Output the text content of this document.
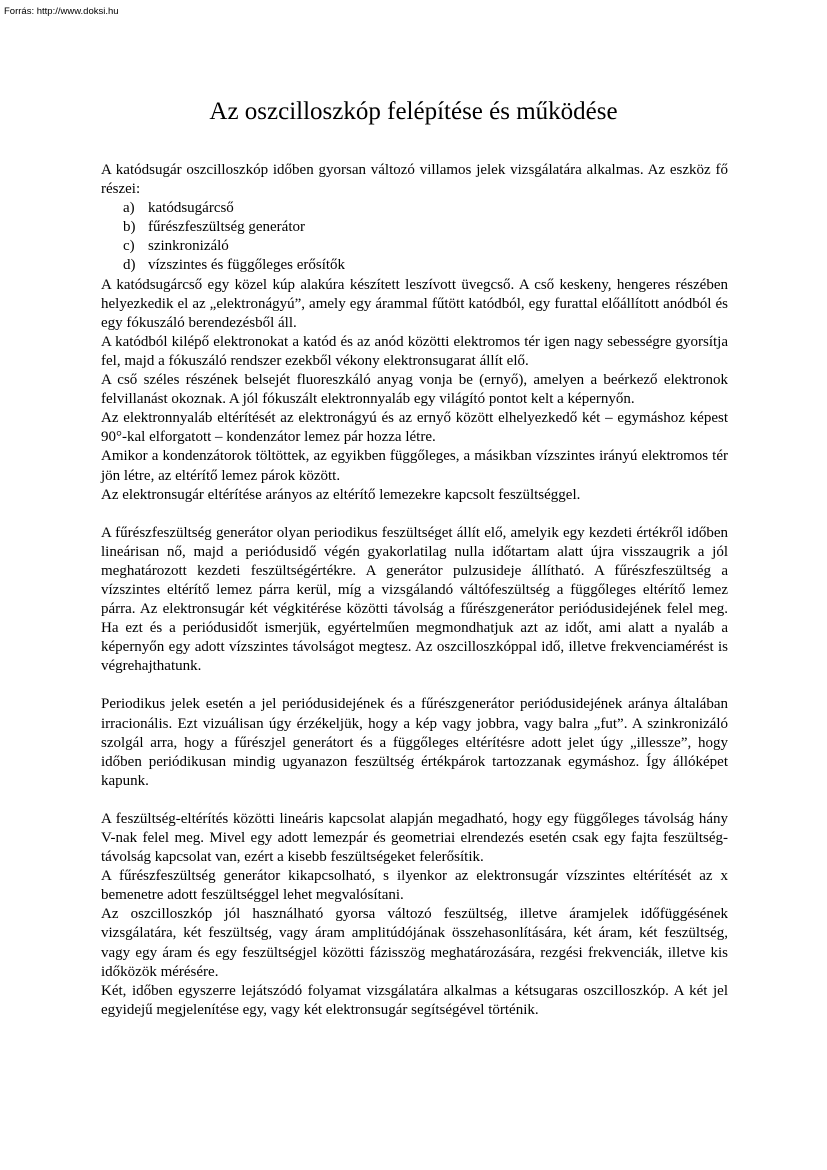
Forrás: http://www.doksi.hu
Az oszcilloszkóp felépítése és működése

A katódsugár oszcilloszkóp időben gyorsan változó villamos jelek vizsgálatára alkalmas. Az eszköz fő részei:

a) katódsugárcső
b) fűrészfeszültség generátor
c) szinkronizáló
d) vízszintes és függőleges erősítők

A katódsugárcső egy közel kúp alakúra készített leszívott üvegcső. A cső keskeny, hengeres részében helyezkedik el az „elektronágyú”, amely egy árammal fűtött katódból, egy furattal előállított anódból és egy fókuszáló berendezésből áll.

A katódból kilépő elektronokat a katód és az anód közötti elektromos tér igen nagy sebességre gyorsítja fel, majd a fókuszáló rendszer ezekből vékony elektronsugarat állít elő.

A cső széles részének belsejét fluoreszkáló anyag vonja be (ernyő), amelyen a beérkező elektronok felvillanást okoznak. A jól fókuszált elektronnyaláb egy világító pontot kelt a képernyőn.

Az elektronnyaláb eltérítését az elektronágyú és az ernyő között elhelyezkedő két – egymáshoz képest 90°-kal elforgatott – kondenzátor lemez pár hozza létre.

Amikor a kondenzátorok töltöttek, az egyikben függőleges, a másikban vízszintes irányú elektromos tér jön létre, az eltérítő lemez párok között.

Az elektronsugár eltérítése arányos az eltérítő lemezekre kapcsolt feszültséggel.

A fűrészfeszültség generátor olyan periodikus feszültséget állít elő, amelyik egy kezdeti értékről időben lineárisan nő, majd a periódusidő végén gyakorlatilag nulla időtartam alatt újra visszaugrik a jól meghatározott kezdeti feszültségértékre. A generátor pulzusideje állítható. A fűrészfeszültség a vízszintes eltérítő lemez párra kerül, míg a vizsgálandó váltófeszültség a függőleges eltérítő lemez párra. Az elektronsugár két végkitérése közötti távolság a fűrészgenerátor periódusidejének felel meg. Ha ezt és a periódusidőt ismerjük, egyértelműen megmondhatjuk azt az időt, ami alatt a nyaláb a képernyőn egy adott vízszintes távolságot megtesz. Az oszcilloszkóppal idő, illetve frekvenciamérést is végrehajthatunk.

Periodikus jelek esetén a jel periódusidejének és a fűrészgenerátor periódusidejének aránya általában irracionális. Ezt vizuálisan úgy érzékeljük, hogy a kép vagy jobbra, vagy balra „fut”. A szinkronizáló szolgál arra, hogy a fűrészjel generátort és a függőleges eltérítésre adott jelet úgy „illessze”, hogy időben periódikusan mindig ugyanazon feszültség értékpárok tartozzanak egymáshoz. Így állóképet kapunk.

A feszültség-eltérítés közötti lineáris kapcsolat alapján megadható, hogy egy függőleges távolság hány V-nak felel meg. Mivel egy adott lemezpár és geometriai elrendezés esetén csak egy fajta feszültség-távolság kapcsolat van, ezért a kisebb feszültségeket felerősítik.

A fűrészfeszültség generátor kikapcsolható, s ilyenkor az elektronsugár vízszintes eltérítését az x bemenetre adott feszültséggel lehet megvalósítani.

Az oszcilloszkóp jól használható gyorsa változó feszültség, illetve áramjelek időfüggésének vizsgálatára, két feszültség, vagy áram amplitúdójának összehasonlítására, két áram, két feszültség, vagy egy áram és egy feszültségjel közötti fázisszög meghatározására, rezgési frekvenciák, illetve kis időközök mérésére.

Két, időben egyszerre lejátszódó folyamat vizsgálatára alkalmas a kétsugaras oszcilloszkóp. A két jel egyidejű megjelenítése egy, vagy két elektronsugár segítségével történik.
